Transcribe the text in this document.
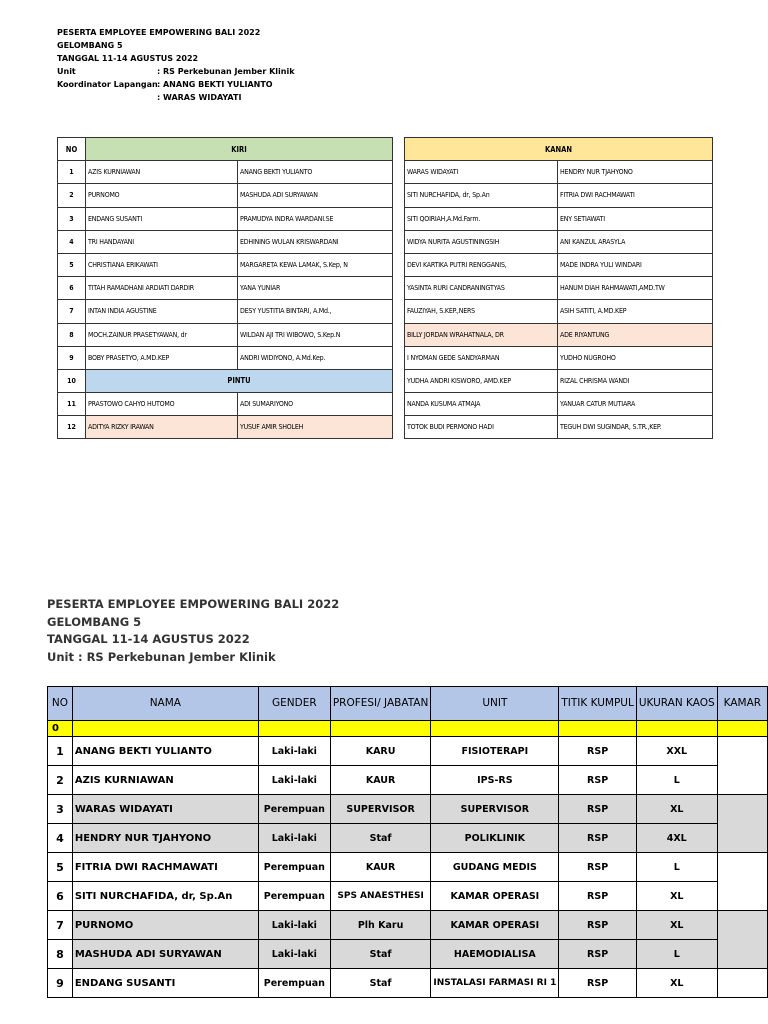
PESERTA EMPLOYEE EMPOWERING BALI 2022
GELOMBANG 5
TANGGAL 11-14 AGUSTUS 2022
Unit	: RS Perkebunan Jember Klinik
Koordinator Lapangan : ANANG BEKTI YULIANTO
: WARAS WIDAYATI
NO	KIRI	
1	AZIS KURNIAWAN	ANANG BEKTI YULIANTO
2	PURNOMO	MASHUDA ADI SURYAWAN
3	ENDANG SUSANTI	PRAMUDYA INDRA WARDANI.SE
4	TRI HANDAYANI	EDHINING WULAN KRISWARDANI
5	CHRISTIANA ERIKAWATI	MARGARETA KEWA LAMAK, S.Kep, N
6	TITAH RAMADHANI ARDIATI DARDIR	YANA YUNIAR
7	INTAN INDIA AGUSTINE	DESY YUSTITIA BINTARI, A.Md.,
8	MOCH.ZAINUR PRASETYAWAN, dr	WILDAN AJI TRI WIBOWO, S.Kep.N
9	BOBY PRASETYO, A.MD.KEP	ANDRI WIDIYONO, A.Md.Kep.
10	PINTU	
11	PRASTOWO CAHYO HUTOMO	ADI SUMARIYONO
12	ADITYA RIZKY IRAWAN	YUSUF AMIR SHOLEH
KANAN	
WARAS WIDAYATI	HENDRY NUR TJAHYONO
SITI NURCHAFIDA, dr, Sp.An	FITRIA DWI RACHMAWATI
SITI QOIRIAH,A.Md.Farm.	ENY SETIAWATI
WIDYA NURITA AGUSTININGSIH	ANI KANZUL ARASYLA
DEVI KARTIKA PUTRI RENGGANIS,	MADE INDRA YULI WINDARI
YASINTA RURI CANDRANINGTYAS	HANUM DIAH RAHMAWATI,AMD.TW
FAUZIYAH, S.KEP.,NERS	ASIH SATITI, A.MD.KEP
BILLY JORDAN WRAHATNALA, DR	ADE RIYANTUNG
I NYOMAN GEDE SANDYARMAN	YUDHO NUGROHO
YUDHA ANDRI KISWORO, AMD.KEP	RIZAL CHRISMA WANDI
NANDA KUSUMA ATMAJA	YANUAR CATUR MUTIARA
TOTOK BUDI PERMONO HADI	TEGUH DWI SUGINDAR, S.TR.,KEP.
PESERTA EMPLOYEE EMPOWERING BALI 2022
GELOMBANG 5
TANGGAL 11-14 AGUSTUS 2022
Unit : RS Perkebunan Jember Klinik
NO	NAMA	GENDER	PROFESI/ JABATAN	UNIT	TITIK KUMPUL	UKURAN KAOS	KAMAR
0							
1	ANANG BEKTI YULIANTO	Laki-laki	KARU	FISIOTERAPI	RSP	XXL	
2	AZIS KURNIAWAN	Laki-laki	KAUR	IPS-RS	RSP	L	
3	WARAS WIDAYATI	Perempuan	SUPERVISOR	SUPERVISOR	RSP	XL	
4	HENDRY NUR TJAHYONO	Laki-laki	Staf	POLIKLINIK	RSP	4XL	
5	FITRIA DWI RACHMAWATI	Perempuan	KAUR	GUDANG MEDIS	RSP	L	
6	SITI NURCHAFIDA, dr, Sp.An	Perempuan	SPS ANAESTHESI	KAMAR OPERASI	RSP	XL	
7	PURNOMO	Laki-laki	Plh Karu	KAMAR OPERASI	RSP	XL	
8	MASHUDA ADI SURYAWAN	Laki-laki	Staf	HAEMODIALISA	RSP	L	
9	ENDANG SUSANTI	Perempuan	Staf	INSTALASI FARMASI RI 1	RSP	XL	
